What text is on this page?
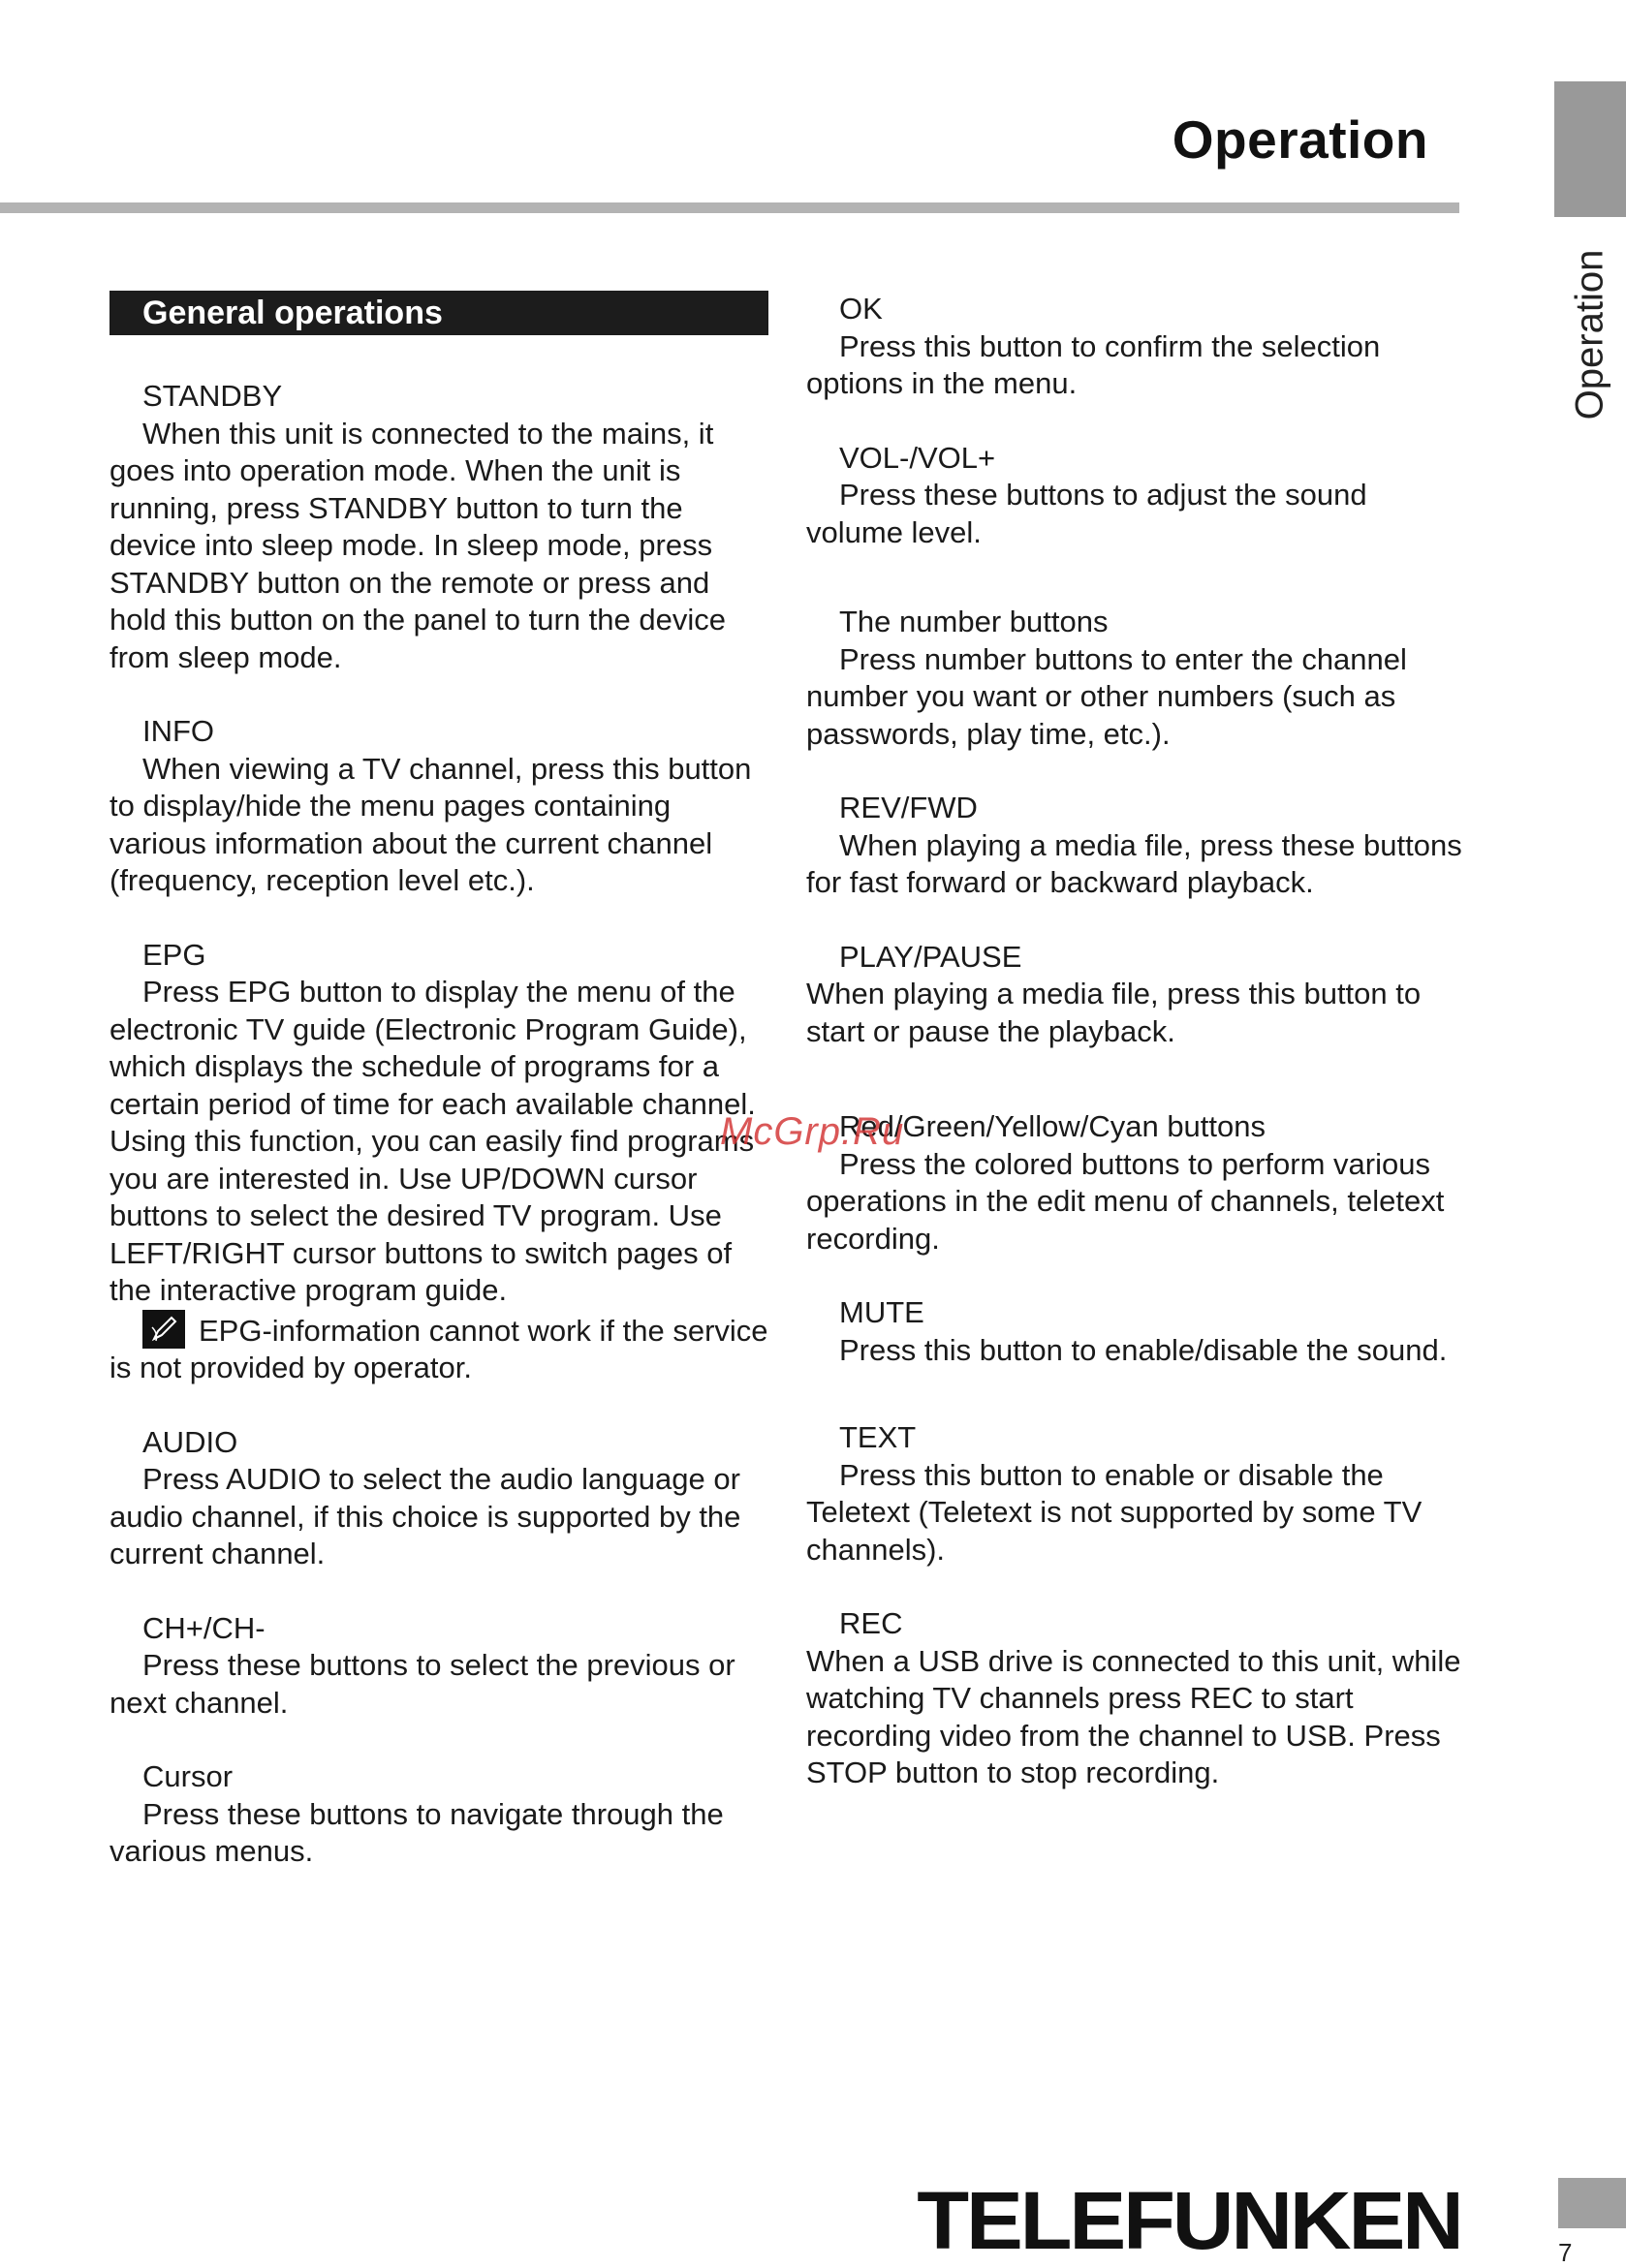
Operation
Operation
General operations
STANDBY

When this unit is connected to the mains, it goes into operation mode. When the unit is running, press STANDBY button to turn the device into sleep mode. In sleep mode, press STANDBY button on the remote or press and hold this button on the panel to turn the device from sleep mode.

INFO

When viewing a TV channel, press this button to display/hide the menu pages containing various information about the current channel (frequency, reception level etc.).

EPG

Press EPG button to display the menu of the electronic TV guide (Electronic Program Guide), which displays the schedule of programs for a certain period of time for each available channel. Using this function, you can easily find programs you are interested in. Use UP/DOWN cursor buttons to select the desired TV program. Use LEFT/RIGHT cursor buttons to switch pages of the interactive program guide.

EPG-information cannot work if the service is not provided by operator.
AUDIO

Press AUDIO to select the audio language or audio channel, if this choice is supported by the current channel.

CH+/CH-

Press these buttons to select the previous or next channel.

Cursor

Press these buttons to navigate through the various menus.

OK

Press this button to confirm the selection options in the menu.

VOL-/VOL+

Press these buttons to adjust the sound volume level.

The number buttons

Press number buttons to enter the channel number you want or other numbers (such as passwords, play time, etc.).

REV/FWD

When playing a media file, press these buttons for fast forward or backward playback.

PLAY/PAUSE

When playing a media file, press this button to start or pause the playback.

Red/Green/Yellow/Cyan buttons

Press the colored buttons to perform various operations in the edit menu of channels, teletext recording.

MUTE

Press this button to enable/disable the sound.

TEXT

Press this button to enable or disable the Teletext (Teletext is not supported by some TV channels).

REC

When a USB drive is connected to this unit, while watching TV channels press REC to start recording video from the channel to USB. Press STOP button to stop recording.

McGrp.Ru
TELEFUNKEN	7
